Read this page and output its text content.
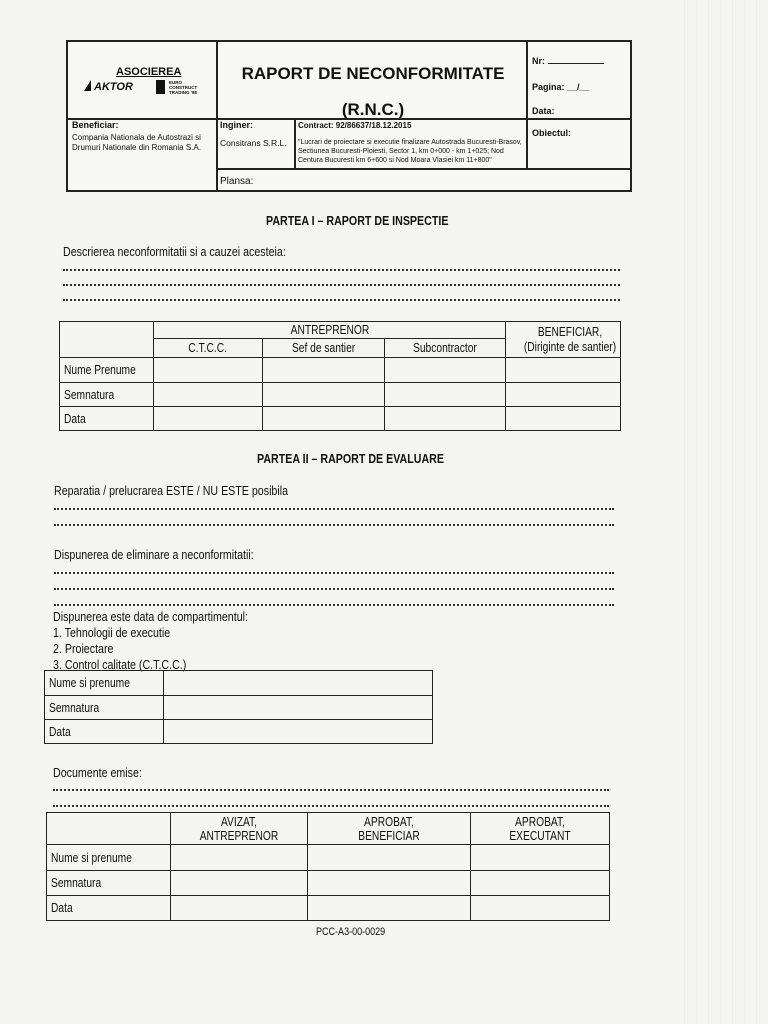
ASOCIEREA
AKTOR	EURO CONSTRUCT TRADING '98
RAPORT DE NECONFORMITATE
(R.N.C.)
Nr:
Pagina: __/__
Data:
Obiectul:
Beneficiar:
Compania Nationala de Autostrazi si Drumuri Nationale din Romania S.A.
Inginer:
Consitrans S.R.L.
Contract: 92/86637/18.12.2015
"Lucrari de proiectare si executie finalizare Autostrada Bucuresti-Brasov, Sectiunea Bucuresti-Ploiesti, Sector 1, km 0+000 - km 1+025; Nod Centura Bucuresti km 6+600 si Nod Moara Vlasiei km 11+800"
Plansa:
PARTEA I – RAPORT DE INSPECTIE
Descrierea neconformitatii si a cauzei acesteia:
	ANTREPRENOR			BENEFICIAR, (Diriginte de santier)
	C.T.C.C.	Sef de santier	Subcontractor	
Nume Prenume				
Semnatura				
Data				
PARTEA II – RAPORT DE EVALUARE
Reparatia / prelucrarea ESTE / NU ESTE posibila
Dispunerea de eliminare a neconformitatii:
Dispunerea este data de compartimentul:
1. Tehnologii de executie
2. Proiectare
3. Control calitate (C.T.C.C.)
Nume si prenume	
Semnatura	
Data	
Documente emise:
	AVIZAT, ANTREPRENOR	APROBAT, BENEFICIAR	APROBAT, EXECUTANT
Nume si prenume			
Semnatura			
Data			
PCC-A3-00-0029
